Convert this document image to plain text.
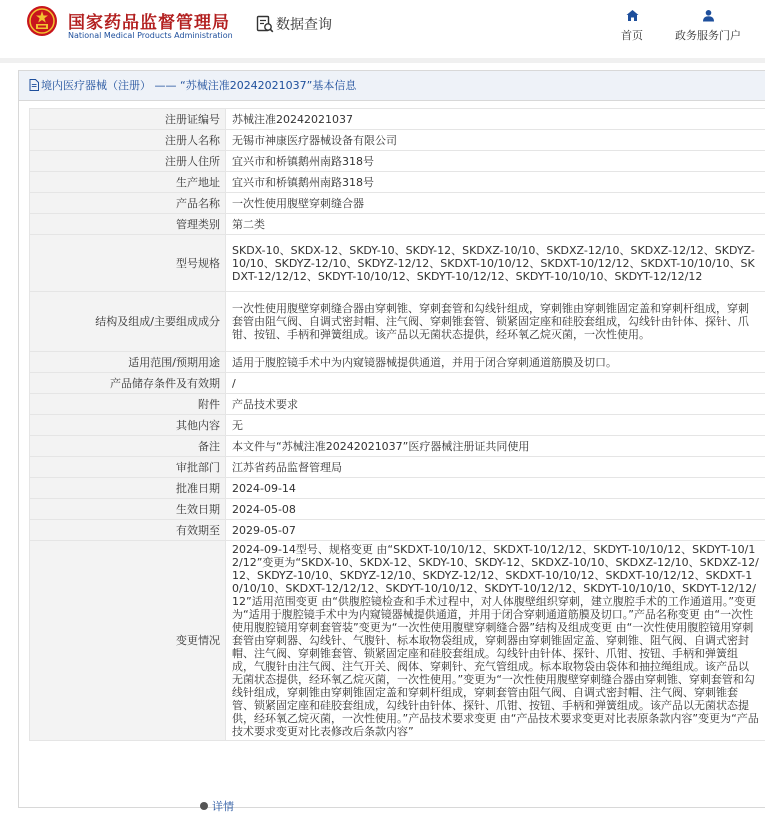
国家药品监督管理局
National Medical Products Administration
数据查询
首页	政务服务门户
境内医疗器械（注册） —— “苏械注准20242021037”基本信息
注册证编号	苏械注准20242021037
注册人名称	无锡市神康医疗器械设备有限公司
注册人住所	宜兴市和桥镇鹅州南路318号
生产地址	宜兴市和桥镇鹅州南路318号
产品名称	一次性使用腹壁穿刺缝合器
管理类别	第二类
型号规格	SKDX-10、SKDX-12、SKDY-10、SKDY-12、SKDXZ-10/10、SKDXZ-12/10、SKDXZ-12/12、SKDYZ-10/10、SKDYZ-12/10、SKDYZ-12/12、SKDXT-10/10/12、SKDXT-10/12/12、SKDXT-10/10/10、SKDXT-12/12/12、SKDYT-10/10/12、SKDYT-10/12/12、SKDYT-10/10/10、SKDYT-12/12/12
结构及组成/主要组成成分	一次性使用腹壁穿刺缝合器由穿刺锥、穿刺套管和勾线针组成，穿刺锥由穿刺锥固定盖和穿刺杆组成，穿刺套管由阻气阀、自调式密封帽、注气阀、穿刺锥套管、锁紧固定座和硅胶套组成，勾线针由针体、探针、爪钳、按钮、手柄和弹簧组成。该产品以无菌状态提供，经环氧乙烷灭菌，一次性使用。
适用范围/预期用途	适用于腹腔镜手术中为内窥镜器械提供通道，并用于闭合穿刺通道筋膜及切口。
产品储存条件及有效期	/
附件	产品技术要求
其他内容	无
备注	本文件与“苏械注准20242021037”医疗器械注册证共同使用
审批部门	江苏省药品监督管理局
批准日期	2024-09-14
生效日期	2024-05-08
有效期至	2029-05-07
变更情况	2024-09-14型号、规格变更 由“SKDXT-10/10/12、SKDXT-10/12/12、SKDYT-10/10/12、SKDYT-10/12/12”变更为“SKDX-10、SKDX-12、SKDY-10、SKDY-12、SKDXZ-10/10、SKDXZ-12/10、SKDXZ-12/12、SKDYZ-10/10、SKDYZ-12/10、SKDYZ-12/12、SKDXT-10/10/12、SKDXT-10/12/12、SKDXT-10/10/10、SKDXT-12/12/12、SKDYT-10/10/12、SKDYT-10/12/12、SKDYT-10/10/10、SKDYT-12/12/12”适用范围变更 由“供腹腔镜检查和手术过程中，对人体腹壁组织穿刺，建立腹腔手术的工作通道用。”变更为“适用于腹腔镜手术中为内窥镜器械提供通道，并用于闭合穿刺通道筋膜及切口。”产品名称变更 由“一次性使用腹腔镜用穿刺套管装”变更为“一次性使用腹壁穿刺缝合器”结构及组成变更 由“一次性使用腹腔镜用穿刺套管由穿刺器、勾线针、气腹针、标本取物袋组成，穿刺器由穿刺锥固定盖、穿刺锥、阻气阀、自调式密封帽、注气阀、穿刺锥套管、锁紧固定座和硅胶套组成。勾线针由针体、探针、爪钳、按钮、手柄和弹簧组成，气腹针由注气阀、注气开关、阀体、穿刺针、充气管组成。标本取物袋由袋体和抽拉绳组成。该产品以无菌状态提供，经环氧乙烷灭菌，一次性使用。”变更为“一次性使用腹壁穿刺缝合器由穿刺锥、穿刺套管和勾线针组成，穿刺锥由穿刺锥固定盖和穿刺杆组成，穿刺套管由阻气阀、自调式密封帽、注气阀、穿刺锥套管、锁紧固定座和硅胶套组成，勾线针由针体、探针、爪钳、按钮、手柄和弹簧组成。该产品以无菌状态提供，经环氧乙烷灭菌，一次性使用。”产品技术要求变更 由“产品技术要求变更对比表原条款内容”变更为“产品技术要求变更对比表修改后条款内容”
详情
